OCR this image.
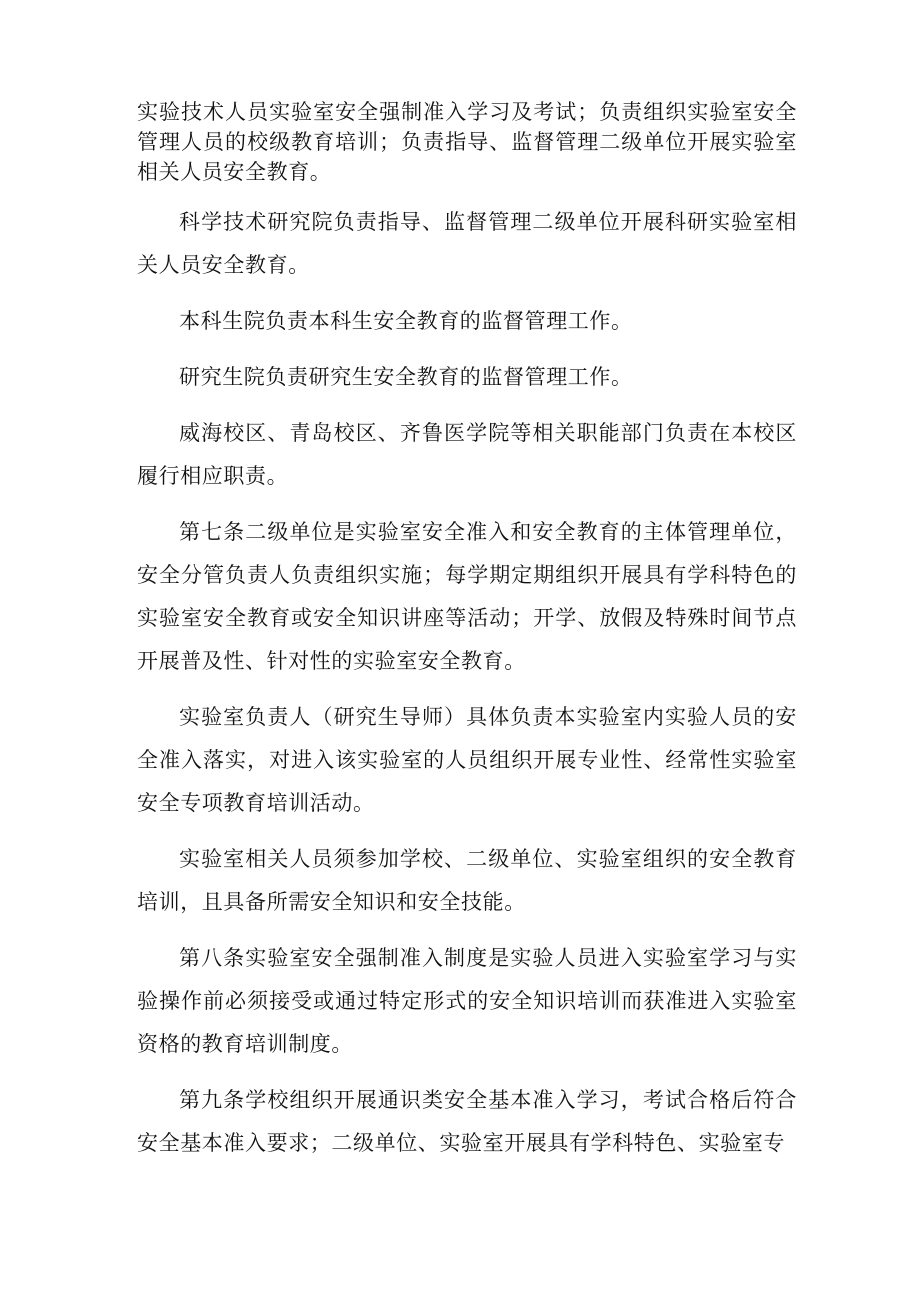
实验技术人员实验室安全强制准入学习及考试；负责组织实验室安全管理人员的校级教育培训；负责指导、监督管理二级单位开展实验室相关人员安全教育。

科学技术研究院负责指导、监督管理二级单位开展科研实验室相关人员安全教育。

本科生院负责本科生安全教育的监督管理工作。

研究生院负责研究生安全教育的监督管理工作。

威海校区、青岛校区、齐鲁医学院等相关职能部门负责在本校区履行相应职责。

第七条二级单位是实验室安全准入和安全教育的主体管理单位，安全分管负责人负责组织实施；每学期定期组织开展具有学科特色的实验室安全教育或安全知识讲座等活动；开学、放假及特殊时间节点开展普及性、针对性的实验室安全教育。

实验室负责人（研究生导师）具体负责本实验室内实验人员的安全准入落实，对进入该实验室的人员组织开展专业性、经常性实验室安全专项教育培训活动。

实验室相关人员须参加学校、二级单位、实验室组织的安全教育培训，且具备所需安全知识和安全技能。

第八条实验室安全强制准入制度是实验人员进入实验室学习与实验操作前必须接受或通过特定形式的安全知识培训而获准进入实验室资格的教育培训制度。

第九条学校组织开展通识类安全基本准入学习，考试合格后符合安全基本准入要求；二级单位、实验室开展具有学科特色、实验室专
